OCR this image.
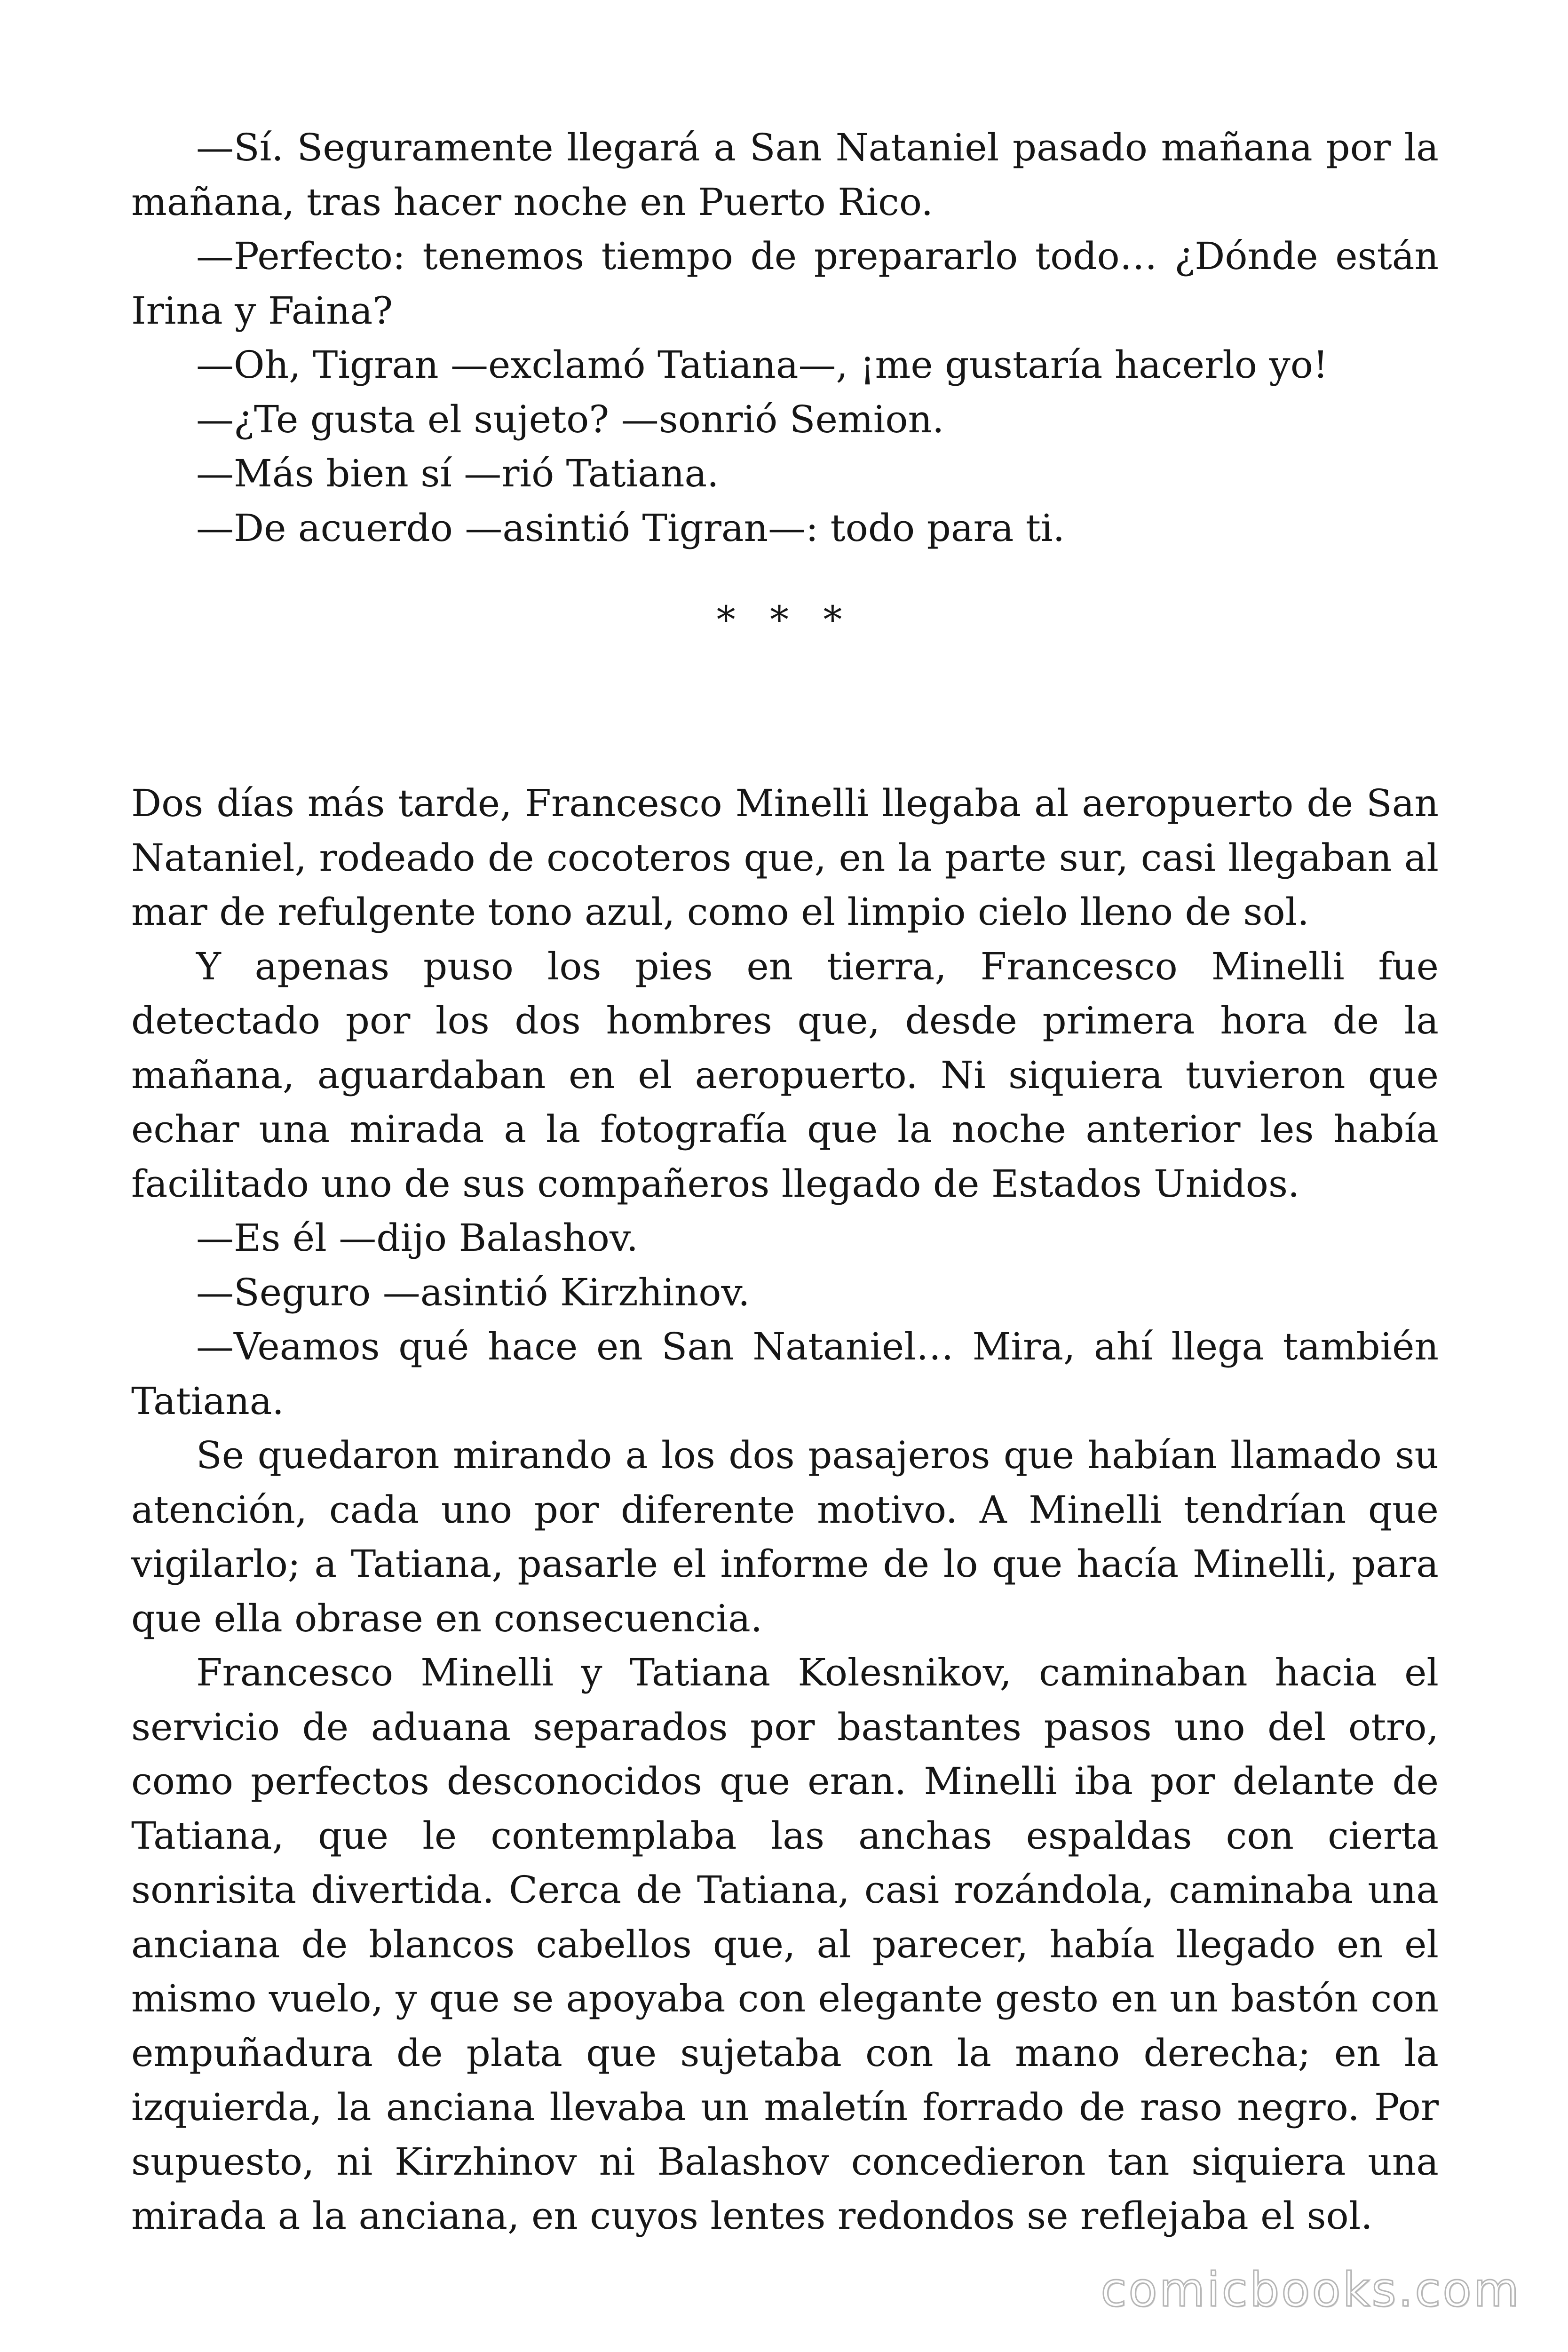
—Sí. Seguramente llegará a San Nataniel pasado mañana por la mañana, tras hacer noche en Puerto Rico.

—Perfecto: tenemos tiempo de prepararlo todo… ¿Dónde están Irina y Faina?

—Oh, Tigran —exclamó Tatiana—, ¡me gustaría hacerlo yo!

—¿Te gusta el sujeto? —sonrió Semion.

—Más bien sí —rió Tatiana.

—De acuerdo —asintió Tigran—: todo para ti.

* * *

Dos días más tarde, Francesco Minelli llegaba al aeropuerto de San Nataniel, rodeado de cocoteros que, en la parte sur, casi llegaban al mar de refulgente tono azul, como el limpio cielo lleno de sol.

Y apenas puso los pies en tierra, Francesco Minelli fue detectado por los dos hombres que, desde primera hora de la mañana, aguardaban en el aeropuerto. Ni siquiera tuvieron que echar una mirada a la fotografía que la noche anterior les había facilitado uno de sus compañeros llegado de Estados Unidos.

—Es él —dijo Balashov.

—Seguro —asintió Kirzhinov.

—Veamos qué hace en San Nataniel… Mira, ahí llega también Tatiana.

Se quedaron mirando a los dos pasajeros que habían llamado su atención, cada uno por diferente motivo. A Minelli tendrían que vigilarlo; a Tatiana, pasarle el informe de lo que hacía Minelli, para que ella obrase en consecuencia.

Francesco Minelli y Tatiana Kolesnikov, caminaban hacia el servicio de aduana separados por bastantes pasos uno del otro, como perfectos desconocidos que eran. Minelli iba por delante de Tatiana, que le contemplaba las anchas espaldas con cierta sonrisita divertida. Cerca de Tatiana, casi rozándola, caminaba una anciana de blancos cabellos que, al parecer, había llegado en el mismo vuelo, y que se apoyaba con elegante gesto en un bastón con empuñadura de plata que sujetaba con la mano derecha; en la izquierda, la anciana llevaba un maletín forrado de raso negro. Por supuesto, ni Kirzhinov ni Balashov concedieron tan siquiera una mirada a la anciana, en cuyos lentes redondos se reflejaba el sol.

comicbooks.com
